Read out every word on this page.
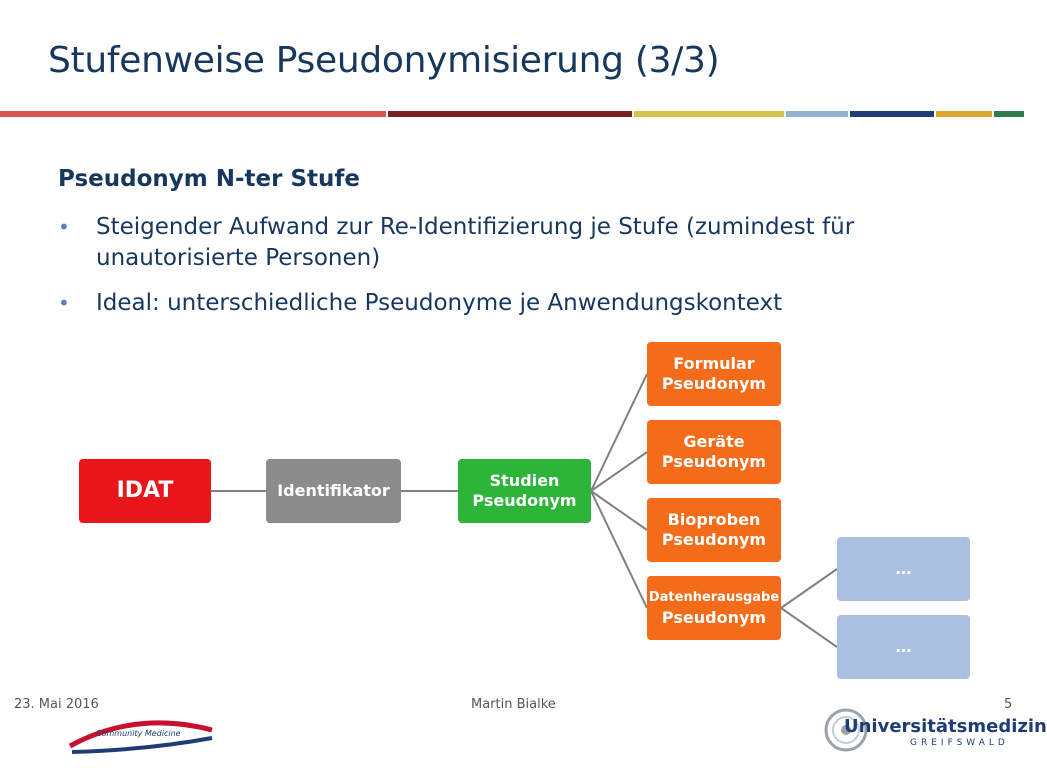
Stufenweise Pseudonymisierung (3/3)
Pseudonym N-ter Stufe
• Steigender Aufwand zur Re-Identifizierung je Stufe (zumindest für unautorisierte Personen)
• Ideal: unterschiedliche Pseudonyme je Anwendungskontext
IDAT	Identifikator
Studien
Pseudonym
Formular
Pseudonym
Geräte
Pseudonym
Bioproben
Pseudonym
Datenherausgabe
Pseudonym
…
…
23. Mai 2016	Martin Bialke	5
Community Medicine	Universitätsmedizin
GREIFSWALD
